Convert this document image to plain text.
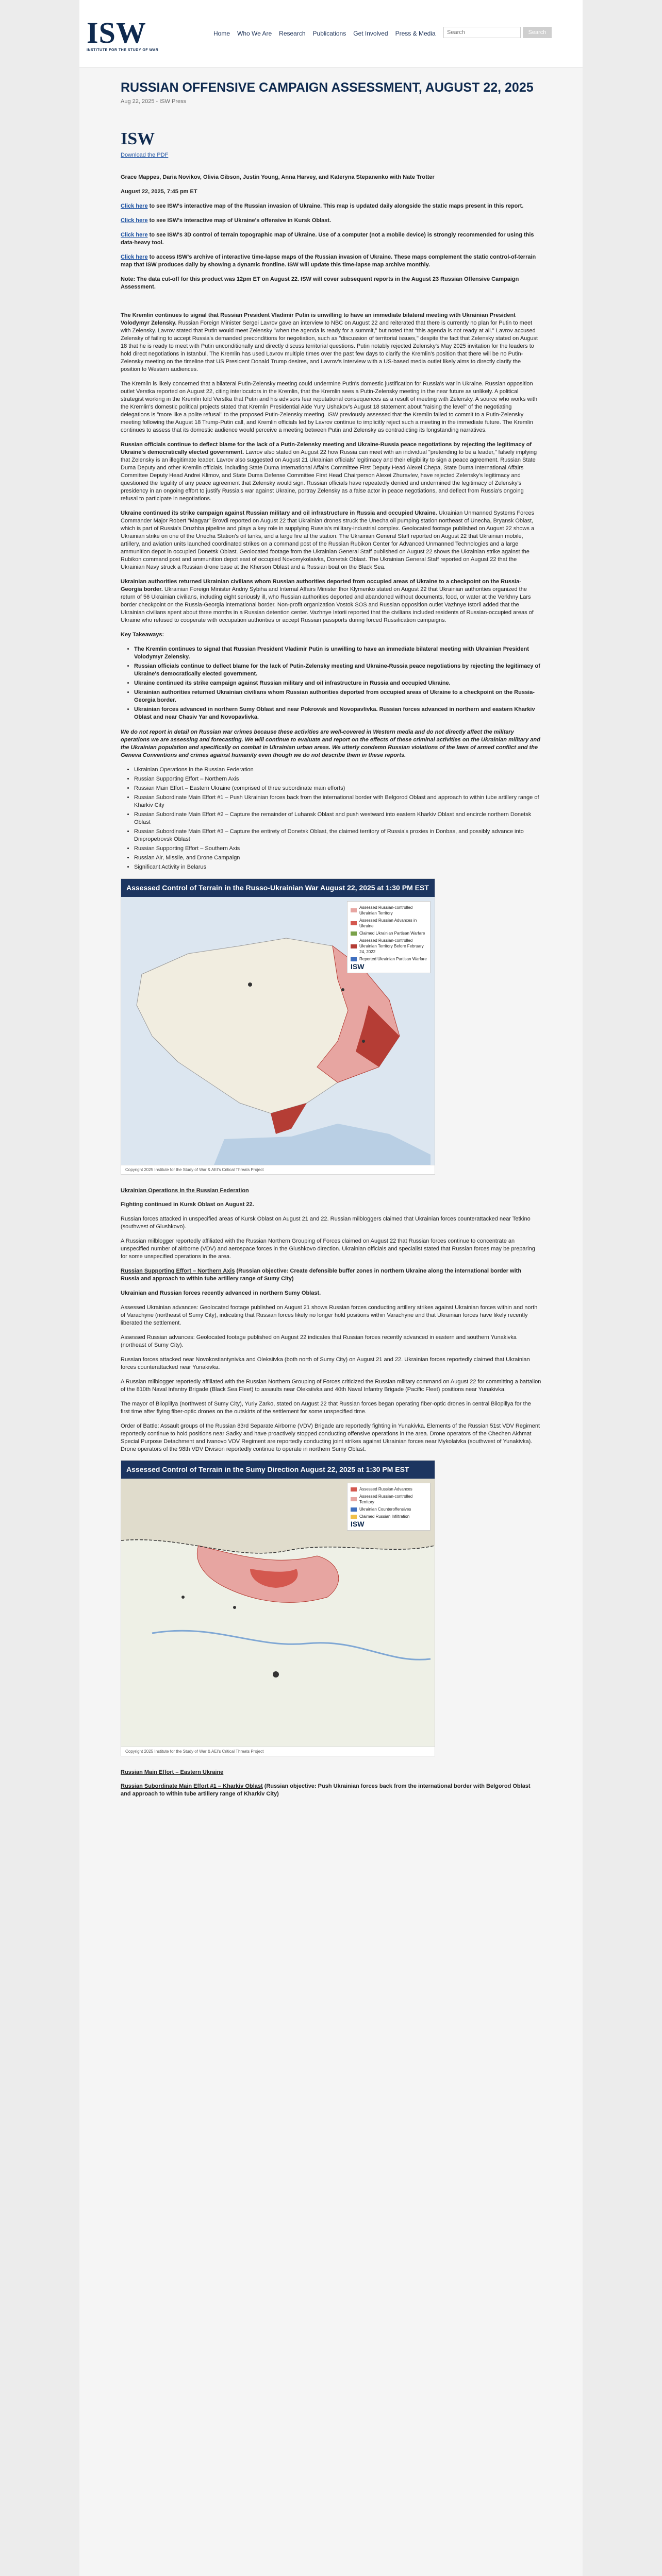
ISW
INSTITUTE FOR THE STUDY OF WAR
Home Who We Are Research Publications Get Involved Press & Media
Search	Search
RUSSIAN OFFENSIVE CAMPAIGN ASSESSMENT, AUGUST 22, 2025
Aug 22, 2025 - ISW Press
ISW
Download the PDF

Grace Mappes, Daria Novikov, Olivia Gibson, Justin Young, Anna Harvey, and Kateryna Stepanenko with Nate Trotter

August 22, 2025, 7:45 pm ET

Click here to see ISW's interactive map of the Russian invasion of Ukraine. This map is updated daily alongside the static maps present in this report.

Click here to see ISW's interactive map of Ukraine's offensive in Kursk Oblast.

Click here to see ISW's 3D control of terrain topographic map of Ukraine. Use of a computer (not a mobile device) is strongly recommended for using this data-heavy tool.

Click here to access ISW's archive of interactive time-lapse maps of the Russian invasion of Ukraine. These maps complement the static control-of-terrain map that ISW produces daily by showing a dynamic frontline. ISW will update this time-lapse map archive monthly.

Note: The data cut-off for this product was 12pm ET on August 22. ISW will cover subsequent reports in the August 23 Russian Offensive Campaign Assessment.

The Kremlin continues to signal that Russian President Vladimir Putin is unwilling to have an immediate bilateral meeting with Ukrainian President Volodymyr Zelensky. Russian Foreign Minister Sergei Lavrov gave an interview to NBC on August 22 and reiterated that there is currently no plan for Putin to meet with Zelensky. Lavrov stated that Putin would meet Zelensky "when the agenda is ready for a summit," but noted that "this agenda is not ready at all." Lavrov accused Zelensky of failing to accept Russia's demanded preconditions for negotiation, such as "discussion of territorial issues," despite the fact that Zelensky stated on August 18 that he is ready to meet with Putin unconditionally and directly discuss territorial questions. Putin notably rejected Zelensky's May 2025 invitation for the leaders to hold direct negotiations in Istanbul. The Kremlin has used Lavrov multiple times over the past few days to clarify the Kremlin's position that there will be no Putin-Zelensky meeting on the timeline that US President Donald Trump desires, and Lavrov's interview with a US-based media outlet likely aims to directly clarify the position to Western audiences.

The Kremlin is likely concerned that a bilateral Putin-Zelensky meeting could undermine Putin's domestic justification for Russia's war in Ukraine. Russian opposition outlet Verstka reported on August 22, citing interlocutors in the Kremlin, that the Kremlin sees a Putin-Zelensky meeting in the near future as unlikely. A political strategist working in the Kremlin told Verstka that Putin and his advisors fear reputational consequences as a result of meeting with Zelensky. A source who works with the Kremlin's domestic political projects stated that Kremlin Presidential Aide Yury Ushakov's August 18 statement about "raising the level" of the negotiating delegations is "more like a polite refusal" to the proposed Putin-Zelensky meeting. ISW previously assessed that the Kremlin failed to commit to a Putin-Zelensky meeting following the August 18 Trump-Putin call, and Kremlin officials led by Lavrov continue to implicitly reject such a meeting in the immediate future. The Kremlin continues to assess that its domestic audience would perceive a meeting between Putin and Zelensky as contradicting its longstanding narratives.

Russian officials continue to deflect blame for the lack of a Putin-Zelensky meeting and Ukraine-Russia peace negotiations by rejecting the legitimacy of Ukraine's democratically elected government. Lavrov also stated on August 22 how Russia can meet with an individual "pretending to be a leader," falsely implying that Zelensky is an illegitimate leader. Lavrov also suggested on August 21 Ukrainian officials' legitimacy and their eligibility to sign a peace agreement. Russian State Duma Deputy and other Kremlin officials, including State Duma International Affairs Committee First Deputy Head Alexei Chepa, State Duma International Affairs Committee Deputy Head Andrei Klimov, and State Duma Defense Committee First Head Chairperson Alexei Zhuravlev, have rejected Zelensky's legitimacy and questioned the legality of any peace agreement that Zelensky would sign. Russian officials have repeatedly denied and undermined the legitimacy of Zelensky's presidency in an ongoing effort to justify Russia's war against Ukraine, portray Zelensky as a false actor in peace negotiations, and deflect from Russia's ongoing refusal to participate in negotiations.

Ukraine continued its strike campaign against Russian military and oil infrastructure in Russia and occupied Ukraine. Ukrainian Unmanned Systems Forces Commander Major Robert "Magyar" Brovdi reported on August 22 that Ukrainian drones struck the Unecha oil pumping station northeast of Unecha, Bryansk Oblast, which is part of Russia's Druzhba pipeline and plays a key role in supplying Russia's military-industrial complex. Geolocated footage published on August 22 shows a Ukrainian strike on one of the Unecha Station's oil tanks, and a large fire at the station. The Ukrainian General Staff reported on August 22 that Ukrainian mobile, artillery, and aviation units launched coordinated strikes on a command post of the Russian Rubikon Center for Advanced Unmanned Technologies and a large ammunition depot in occupied Donetsk Oblast. Geolocated footage from the Ukrainian General Staff published on August 22 shows the Ukrainian strike against the Rubikon command post and ammunition depot east of occupied Novomykolaivka, Donetsk Oblast. The Ukrainian General Staff reported on August 22 that the Ukrainian Navy struck a Russian drone base at the Kherson Oblast and a Russian boat on the Black Sea.

Ukrainian authorities returned Ukrainian civilians whom Russian authorities deported from occupied areas of Ukraine to a checkpoint on the Russia-Georgia border. Ukrainian Foreign Minister Andriy Sybiha and Internal Affairs Minister Ihor Klymenko stated on August 22 that Ukrainian authorities organized the return of 56 Ukrainian civilians, including eight seriously ill, who Russian authorities deported and abandoned without documents, food, or water at the Verkhny Lars border checkpoint on the Russia-Georgia international border. Non-profit organization Vostok SOS and Russian opposition outlet Vazhnye Istorii added that the Ukrainian civilians spent about three months in a Russian detention center. Vazhnye Istorii reported that the civilians included residents of Russian-occupied areas of Ukraine who refused to cooperate with occupation authorities or accept Russian passports during forced Russification campaigns.

Key Takeaways:

• The Kremlin continues to signal that Russian President Vladimir Putin is unwilling to have an immediate bilateral meeting with Ukrainian President Volodymyr Zelensky.
• Russian officials continue to deflect blame for the lack of Putin-Zelensky meeting and Ukraine-Russia peace negotiations by rejecting the legitimacy of Ukraine's democratically elected government.
• Ukraine continued its strike campaign against Russian military and oil infrastructure in Russia and occupied Ukraine.
• Ukrainian authorities returned Ukrainian civilians whom Russian authorities deported from occupied areas of Ukraine to a checkpoint on the Russia-Georgia border.
• Ukrainian forces advanced in northern Sumy Oblast and near Pokrovsk and Novopavlivka. Russian forces advanced in northern and eastern Kharkiv Oblast and near Chasiv Yar and Novopavlivka.

We do not report in detail on Russian war crimes because these activities are well-covered in Western media and do not directly affect the military operations we are assessing and forecasting. We will continue to evaluate and report on the effects of these criminal activities on the Ukrainian military and the Ukrainian population and specifically on combat in Ukrainian urban areas. We utterly condemn Russian violations of the laws of armed conflict and the Geneva Conventions and crimes against humanity even though we do not describe them in these reports.

• Ukrainian Operations in the Russian Federation
• Russian Supporting Effort – Northern Axis
• Russian Main Effort – Eastern Ukraine (comprised of three subordinate main efforts)
• Russian Subordinate Main Effort #1 – Push Ukrainian forces back from the international border with Belgorod Oblast and approach to within tube artillery range of Kharkiv City
• Russian Subordinate Main Effort #2 – Capture the remainder of Luhansk Oblast and push westward into eastern Kharkiv Oblast and encircle northern Donetsk Oblast
• Russian Subordinate Main Effort #3 – Capture the entirety of Donetsk Oblast, the claimed territory of Russia's proxies in Donbas, and possibly advance into Dnipropetrovsk Oblast
• Russian Supporting Effort – Southern Axis
• Russian Air, Missile, and Drone Campaign
• Significant Activity in Belarus
Assessed Control of Terrain in the Russo-Ukrainian War August 22, 2025 at 1:30 PM EST
Assessed Russian-controlled Ukrainian Territory
Assessed Russian Advances in Ukraine
Claimed Ukrainian Partisan Warfare
Assessed Russian-controlled Ukrainian Territory Before February 24, 2022
Reported Ukrainian Partisan Warfare
ISW
Copyright 2025 Institute for the Study of War & AEI's Critical Threats Project

Ukrainian Operations in the Russian Federation

Fighting continued in Kursk Oblast on August 22.

Russian forces attacked in unspecified areas of Kursk Oblast on August 21 and 22. Russian milbloggers claimed that Ukrainian forces counterattacked near Tetkino (southwest of Glushkovo).

A Russian milblogger reportedly affiliated with the Russian Northern Grouping of Forces claimed on August 22 that Russian forces continue to concentrate an unspecified number of airborne (VDV) and aerospace forces in the Glushkovo direction. Ukrainian officials and specialist stated that Russian forces may be preparing for some unspecified operations in the area.

Russian Supporting Effort – Northern Axis (Russian objective: Create defensible buffer zones in northern Ukraine along the international border with Russia and approach to within tube artillery range of Sumy City)

Ukrainian and Russian forces recently advanced in northern Sumy Oblast.

Assessed Ukrainian advances: Geolocated footage published on August 21 shows Russian forces conducting artillery strikes against Ukrainian forces within and north of Varachyne (northeast of Sumy City), indicating that Russian forces likely no longer hold positions within Varachyne and that Ukrainian forces have likely recently liberated the settlement.

Assessed Russian advances: Geolocated footage published on August 22 indicates that Russian forces recently advanced in eastern and southern Yunakivka (northeast of Sumy City).

Russian forces attacked near Novokostiantynivka and Oleksiivka (both north of Sumy City) on August 21 and 22. Ukrainian forces reportedly claimed that Ukrainian forces counterattacked near Yunakivka.

A Russian milblogger reportedly affiliated with the Russian Northern Grouping of Forces criticized the Russian military command on August 22 for committing a battalion of the 810th Naval Infantry Brigade (Black Sea Fleet) to assaults near Oleksiivka and 40th Naval Infantry Brigade (Pacific Fleet) positions near Yunakivka.

The mayor of Bilopillya (northwest of Sumy City), Yuriy Zarko, stated on August 22 that Russian forces began operating fiber-optic drones in central Bilopillya for the first time after flying fiber-optic drones on the outskirts of the settlement for some unspecified time.

Order of Battle: Assault groups of the Russian 83rd Separate Airborne (VDV) Brigade are reportedly fighting in Yunakivka. Elements of the Russian 51st VDV Regiment reportedly continue to hold positions near Sadky and have proactively stopped conducting offensive operations in the area. Drone operators of the Chechen Akhmat Special Purpose Detachment and Ivanovo VDV Regiment are reportedly conducting joint strikes against Ukrainian forces near Mykolaivka (southwest of Yunakivka). Drone operators of the 98th VDV Division reportedly continue to operate in northern Sumy Oblast.

Assessed Control of Terrain in the Sumy Direction August 22, 2025 at 1:30 PM EST
Assessed Russian Advances
Assessed Russian-controlled Territory
Ukrainian Counteroffensives
Claimed Russian Infiltration
ISW
Copyright 2025 Institute for the Study of War & AEI's Critical Threats Project

Russian Main Effort – Eastern Ukraine

Russian Subordinate Main Effort #1 – Kharkiv Oblast (Russian objective: Push Ukrainian forces back from the international border with Belgorod Oblast and approach to within tube artillery range of Kharkiv City)
